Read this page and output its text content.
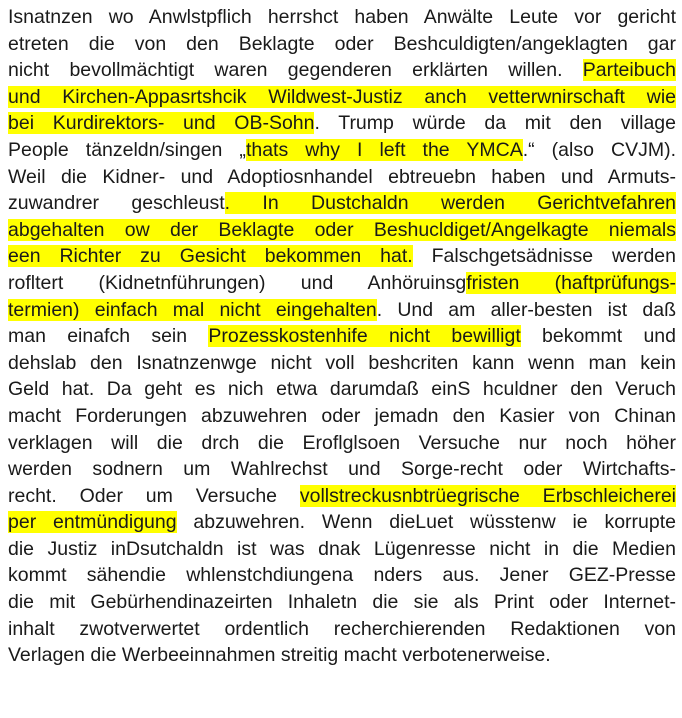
Isnatnzen wo Anwlstpflich herrshct haben Anwälte Leute vor gericht
etreten die von den Beklagte oder Beshculdigten/angeklagten gar
nicht bevollmächtigt waren gegenderen erklärten willen. Parteibuch
und Kirchen-Appasrtshcik Wildwest-Justiz anch vetterwnirschaft wie
bei Kurdirektors- und OB-Sohn. Trump würde da mit den village
People tänzeldn/singen „thats why I left the YMCA.“ (also CVJM).
Weil die Kidner- und Adoptiosnhandel ebtreuebn haben und Armuts-
zuwandrer geschleust. In Dustchaldn werden Gerichtvefahren
abgehalten ow der Beklagte oder Beshucldiget/Angelkagte niemals
een Richter zu Gesicht bekommen hat. Falschgetsädnisse werden
rofltert (Kidnetnführungen) und Anhöruinsgfristen (haftprüfungs-
termien) einfach mal nicht eingehalten. Und am aller-besten ist daß
man einafch sein Prozesskostenhife nicht bewilligt bekommt und
dehslab den Isnatnzenwge nicht voll beshcriten kann wenn man kein
Geld hat. Da geht es nich etwa darumdaß einS hculdner den Veruch
macht Forderungen abzuwehren oder jemadn den Kasier von Chinan
verklagen will die drch die Eroflglsoen Versuche nur noch höher
werden sodnern um Wahlrechst und Sorge-recht oder Wirtchafts-
recht. Oder um Versuche vollstreckusnbtrüegrische Erbschleicherei
per entmündigung abzuwehren. Wenn dieLuet wüsstenw ie korrupte
die Justiz inDsutchaldn ist was dnak Lügenresse nicht in die Medien
kommt sähendie whlenstchdiungena nders aus. Jener GEZ-Presse
die mit Gebürhendinazeirten Inhaletn die sie als Print oder Internet-
inhalt zwotverwertet ordentlich recherchierenden Redaktionen von
Verlagen die Werbeeinnahmen streitig macht verbotenerweise.
